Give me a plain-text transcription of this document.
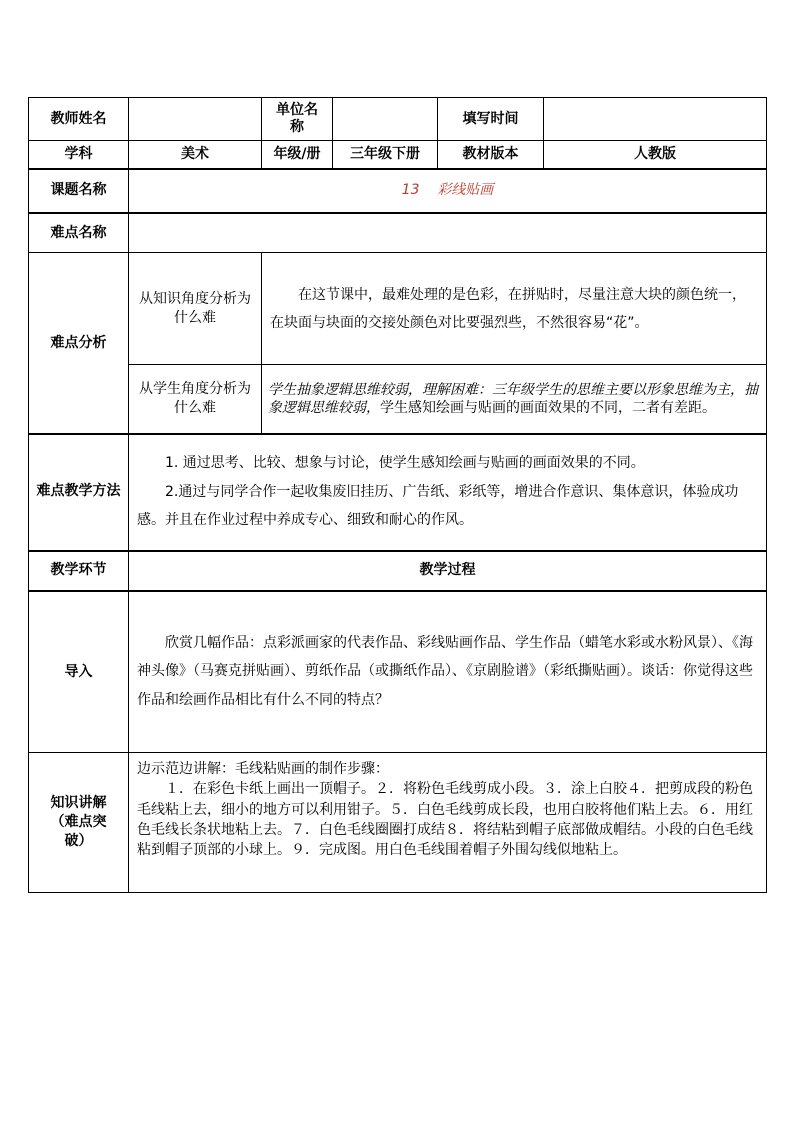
教师姓名		单位名称		填写时间	
学科	美术	年级/册	三年级下册	教材版本	人教版
课题名称	13 彩线贴画				
难点名称					
难点分析	从知识角度分析为什么难	在这节课中，最难处理的是色彩，在拼贴时，尽量注意大块的颜色统一，在块面与块面的交接处颜色对比要强烈些，不然很容易“花”。			

	从学生角度分析为什么难	学生抽象逻辑思维较弱，理解困难：三年级学生的思维主要以形象思维为主，抽象逻辑思维较弱，学生感知绘画与贴画的画面效果的不同，二者有差距。			
难点教学方法	1. 通过思考、比较、想象与讨论，使学生感知绘画与贴画的画面效果的不同。
2.通过与同学合作一起收集废旧挂历、广告纸、彩纸等，增进合作意识、集体意识，体验成功感。并且在作业过程中养成专心、细致和耐心的作风。				

教学环节	教学过程				
导入	欣赏几幅作品：点彩派画家的代表作品、彩线贴画作品、学生作品（蜡笔水彩或水粉风景）、《海神头像》（马赛克拼贴画）、剪纸作品（或撕纸作品）、《京剧脸谱》（彩纸撕贴画）。谈话：你觉得这些作品和绘画作品相比有什么不同的特点？				

知识讲解（难点突破）	边示范边讲解：毛线粘贴画的制作步骤：
１．在彩色卡纸上画出一顶帽子。２．将粉色毛线剪成小段。３．涂上白胶４．把剪成段的粉色毛线粘上去，细小的地方可以利用钳子。５．白色毛线剪成长段，也用白胶将他们粘上去。６．用红色毛线长条状地粘上去。７．白色毛线圈圈打成结８．将结粘到帽子底部做成帽结。小段的白色毛线粘到帽子顶部的小球上。９．完成图。用白色毛线围着帽子外围勾线似地粘上。				
